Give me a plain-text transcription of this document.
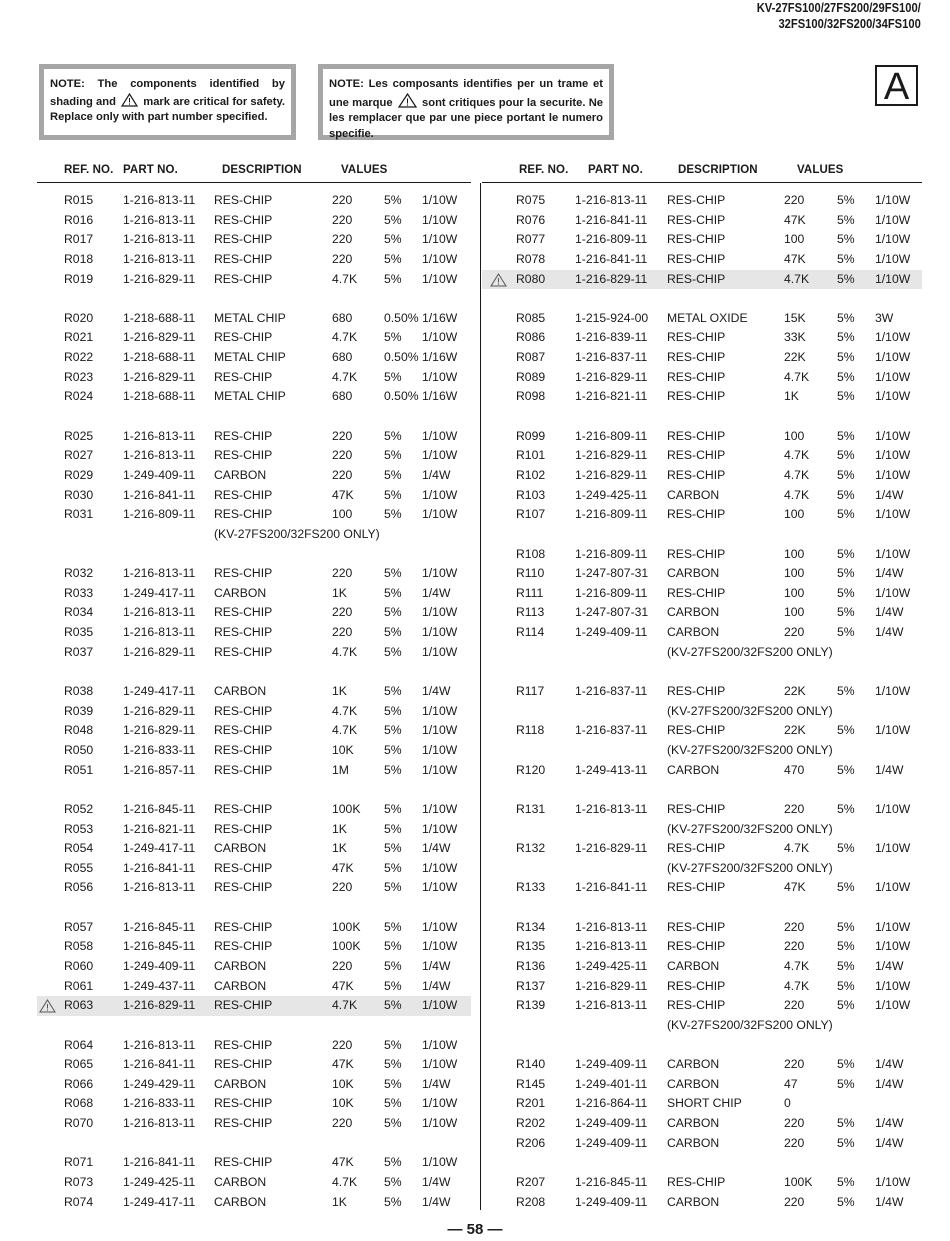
KV-27FS100/27FS200/29FS100/
32FS100/32FS200/34FS100
NOTE: The components identified by shading and mark are critical for safety. Replace only with part number specified.
NOTE: Les composants identifies per un trame et une marque	sont critiques pour la securite. Ne les remplacer que par une piece portant le numero specifie.
A
REF. NO. PART NO.	DESCRIPTION	VALUES
R015 1-216-813-11 RES-CHIP	220	5% 1/10W
R016 1-216-813-11 RES-CHIP	220	5% 1/10W
R017 1-216-813-11 RES-CHIP	220	5% 1/10W
R018 1-216-813-11 RES-CHIP	220	5% 1/10W
R019 1-216-829-11 RES-CHIP	4.7K 5% 1/10W
R020 1-218-688-11 METAL CHIP	680	0.50% 1/16W
R021 1-216-829-11 RES-CHIP	4.7K 5% 1/10W
R022 1-218-688-11 METAL CHIP	680	0.50% 1/16W
R023 1-216-829-11 RES-CHIP	4.7K 5% 1/10W
R024 1-218-688-11 METAL CHIP	680	0.50% 1/16W
R025 1-216-813-11 RES-CHIP	220	5% 1/10W
R027 1-216-813-11 RES-CHIP	220	5% 1/10W
R029 1-249-409-11 CARBON	220	5% 1/4W
R030 1-216-841-11 RES-CHIP	47K 5% 1/10W
R031 1-216-809-11 RES-CHIP	100	5% 1/10W
(KV-27FS200/32FS200 ONLY)
R032 1-216-813-11 RES-CHIP	220	5% 1/10W
R033 1-249-417-11 CARBON	1K	5% 1/4W
R034 1-216-813-11 RES-CHIP	220	5% 1/10W
R035 1-216-813-11 RES-CHIP	220	5% 1/10W
R037 1-216-829-11 RES-CHIP	4.7K 5% 1/10W
R038 1-249-417-11 CARBON	1K	5% 1/4W
R039 1-216-829-11 RES-CHIP	4.7K 5% 1/10W
R048 1-216-829-11 RES-CHIP	4.7K 5% 1/10W
R050 1-216-833-11 RES-CHIP	10K 5% 1/10W
R051 1-216-857-11 RES-CHIP	1M	5% 1/10W
R052 1-216-845-11 RES-CHIP	100K 5% 1/10W
R053 1-216-821-11 RES-CHIP	1K	5% 1/10W
R054 1-249-417-11 CARBON	1K	5% 1/4W
R055 1-216-841-11 RES-CHIP	47K 5% 1/10W
R056 1-216-813-11 RES-CHIP	220	5% 1/10W
R057 1-216-845-11 RES-CHIP	100K 5% 1/10W
R058 1-216-845-11 RES-CHIP	100K 5% 1/10W
R060 1-249-409-11 CARBON	220	5% 1/4W
R061 1-249-437-11 CARBON	47K 5% 1/4W
R063 1-216-829-11 RES-CHIP	4.7K 5% 1/10W
R064 1-216-813-11 RES-CHIP	220	5% 1/10W
R065 1-216-841-11 RES-CHIP	47K 5% 1/10W
R066 1-249-429-11 CARBON	10K 5% 1/4W
R068 1-216-833-11 RES-CHIP	10K 5% 1/10W
R070 1-216-813-11 RES-CHIP	220	5% 1/10W
R071 1-216-841-11 RES-CHIP	47K 5% 1/10W
R073 1-249-425-11 CARBON	4.7K 5% 1/4W
R074 1-249-417-11 CARBON	1K	5% 1/4W
REF. NO. PART NO.	DESCRIPTION	VALUES
R075 1-216-813-11 RES-CHIP	220	5% 1/10W
R076 1-216-841-11 RES-CHIP	47K	5% 1/10W
R077 1-216-809-11 RES-CHIP	100	5% 1/10W
R078 1-216-841-11 RES-CHIP	47K	5% 1/10W
R080 1-216-829-11 RES-CHIP	4.7K 5% 1/10W
R085 1-215-924-00 METAL OXIDE	15K	5% 3W
R086 1-216-839-11 RES-CHIP	33K	5% 1/10W
R087 1-216-837-11 RES-CHIP	22K	5% 1/10W
R089 1-216-829-11 RES-CHIP	4.7K 5% 1/10W
R098 1-216-821-11 RES-CHIP	1K	5% 1/10W
R099 1-216-809-11 RES-CHIP	100	5% 1/10W
R101 1-216-829-11 RES-CHIP	4.7K 5% 1/10W
R102 1-216-829-11 RES-CHIP	4.7K 5% 1/10W
R103 1-249-425-11 CARBON	4.7K 5% 1/4W
R107 1-216-809-11 RES-CHIP	100	5% 1/10W
R108 1-216-809-11 RES-CHIP	100	5% 1/10W
R110	1-247-807-31 CARBON	100	5% 1/4W
R111	1-216-809-11 RES-CHIP	100	5% 1/10W
R113	1-247-807-31 CARBON	100	5% 1/4W
R114	1-249-409-11 CARBON	220	5% 1/4W
(KV-27FS200/32FS200 ONLY)
R117	1-216-837-11 RES-CHIP	22K	5% 1/10W
(KV-27FS200/32FS200 ONLY)
R118	1-216-837-11 RES-CHIP	22K	5% 1/10W
(KV-27FS200/32FS200 ONLY)
R120 1-249-413-11 CARBON	470	5% 1/4W
R131 1-216-813-11 RES-CHIP	220	5% 1/10W
(KV-27FS200/32FS200 ONLY)
R132 1-216-829-11 RES-CHIP	4.7K 5% 1/10W
(KV-27FS200/32FS200 ONLY)
R133 1-216-841-11 RES-CHIP	47K	5% 1/10W
R134 1-216-813-11 RES-CHIP	220	5% 1/10W
R135 1-216-813-11 RES-CHIP	220	5% 1/10W
R136 1-249-425-11 CARBON	4.7K 5% 1/4W
R137 1-216-829-11 RES-CHIP	4.7K 5% 1/10W
R139 1-216-813-11 RES-CHIP	220	5% 1/10W
(KV-27FS200/32FS200 ONLY)
R140 1-249-409-11 CARBON	220	5% 1/4W
R145 1-249-401-11 CARBON	47	5% 1/4W
R201 1-216-864-11 SHORT CHIP	0
R202 1-249-409-11 CARBON	220	5% 1/4W
R206 1-249-409-11 CARBON	220	5% 1/4W
R207 1-216-845-11 RES-CHIP	100K 5% 1/10W
R208 1-249-409-11 CARBON	220	5% 1/4W
— 58 —
